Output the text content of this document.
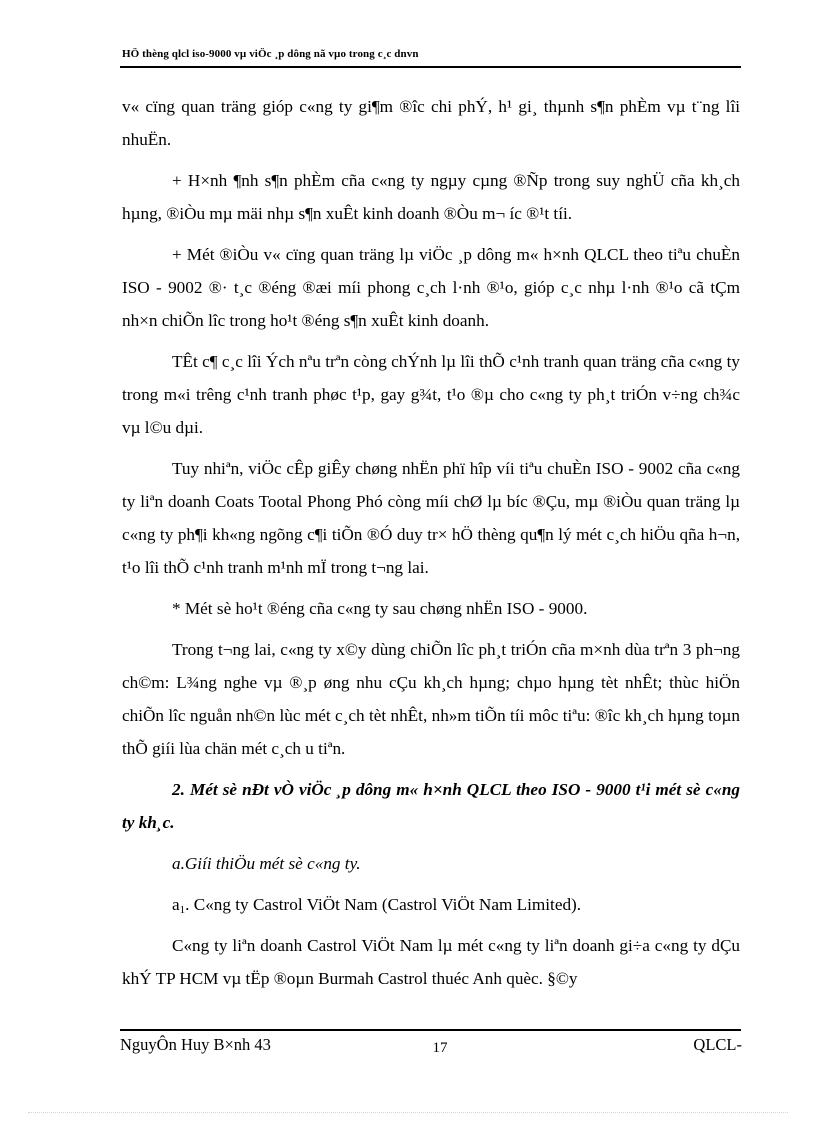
HÖ thèng qlcl iso-9000 vµ viÖc ¸p dông nã vµo trong c¸c dnvn

v« cïng quan träng gióp c«ng ty gi¶m ®îc chi phÝ, h¹ gi¸ thµnh s¶n phÈm vµ t¨ng lîi nhuËn.

+ H×nh ¶nh s¶n phÈm cña c«ng ty ngµy cµng ®Ñp trong suy nghÜ cña kh¸ch hµng, ®iÒu mµ mäi nhµ s¶n xuÊt kinh doanh ®Òu m¬ íc ®¹t tíi.

+ Mét ®iÒu v« cïng quan träng lµ viÖc ¸p dông m« h×nh QLCL theo tiªu chuÈn ISO - 9002 ®· t¸c ®éng ®æi míi phong c¸ch l·nh ®¹o, gióp c¸c nhµ l·nh ®¹o cã tÇm nh×n chiÕn lîc trong ho¹t ®éng s¶n xuÊt kinh doanh.

TÊt c¶ c¸c lîi Ých nªu trªn còng chÝnh lµ lîi thÕ c¹nh tranh quan träng cña c«ng ty trong m«i trêng c¹nh tranh phøc t¹p, gay g¾t, t¹o ®µ cho c«ng ty ph¸t triÓn v÷ng ch¾c vµ l©u dµi.

Tuy nhiªn, viÖc cÊp giÊy chøng nhËn phï hîp víi tiªu chuÈn ISO - 9002 cña c«ng ty liªn doanh Coats Tootal Phong Phó còng míi chØ lµ bíc ®Çu, mµ ®iÒu quan träng lµ c«ng ty ph¶i kh«ng ngõng c¶i tiÕn ®Ó duy tr× hÖ thèng qu¶n lý mét c¸ch hiÖu qña h¬n, t¹o lîi thÕ c¹nh tranh m¹nh mÏ trong t¬ng lai.

* Mét sè ho¹t ®éng cña c«ng ty sau chøng nhËn ISO - 9000.

Trong t¬ng lai, c«ng ty x©y dùng chiÕn lîc ph¸t triÓn cña m×nh dùa trªn 3 ph¬ng ch©m: L¾ng nghe vµ ®¸p øng nhu cÇu kh¸ch hµng; chµo hµng tèt nhÊt; thùc hiÖn chiÕn lîc nguån nh©n lùc mét c¸ch tèt nhÊt, nh»m tiÕn tíi môc tiªu: ®îc kh¸ch hµng toµn thÕ giíi lùa chän mét c¸ch u tiªn.

2. Mét sè nÐt vÒ viÖc ¸p dông m« h×nh QLCL theo ISO - 9000 t¹i mét sè c«ng ty kh¸c.

a.Giíi thiÖu mét sè c«ng ty.

$a_1$. C«ng ty Castrol ViÖt Nam (Castrol ViÖt Nam Limited).

C«ng ty liªn doanh Castrol ViÖt Nam lµ mét c«ng ty liªn doanh gi÷a c«ng ty dÇu khÝ TP HCM vµ tËp ®oµn Burmah Castrol thuéc Anh quèc. §©y

NguyÔn Huy B×nh 43	17	QLCL-
